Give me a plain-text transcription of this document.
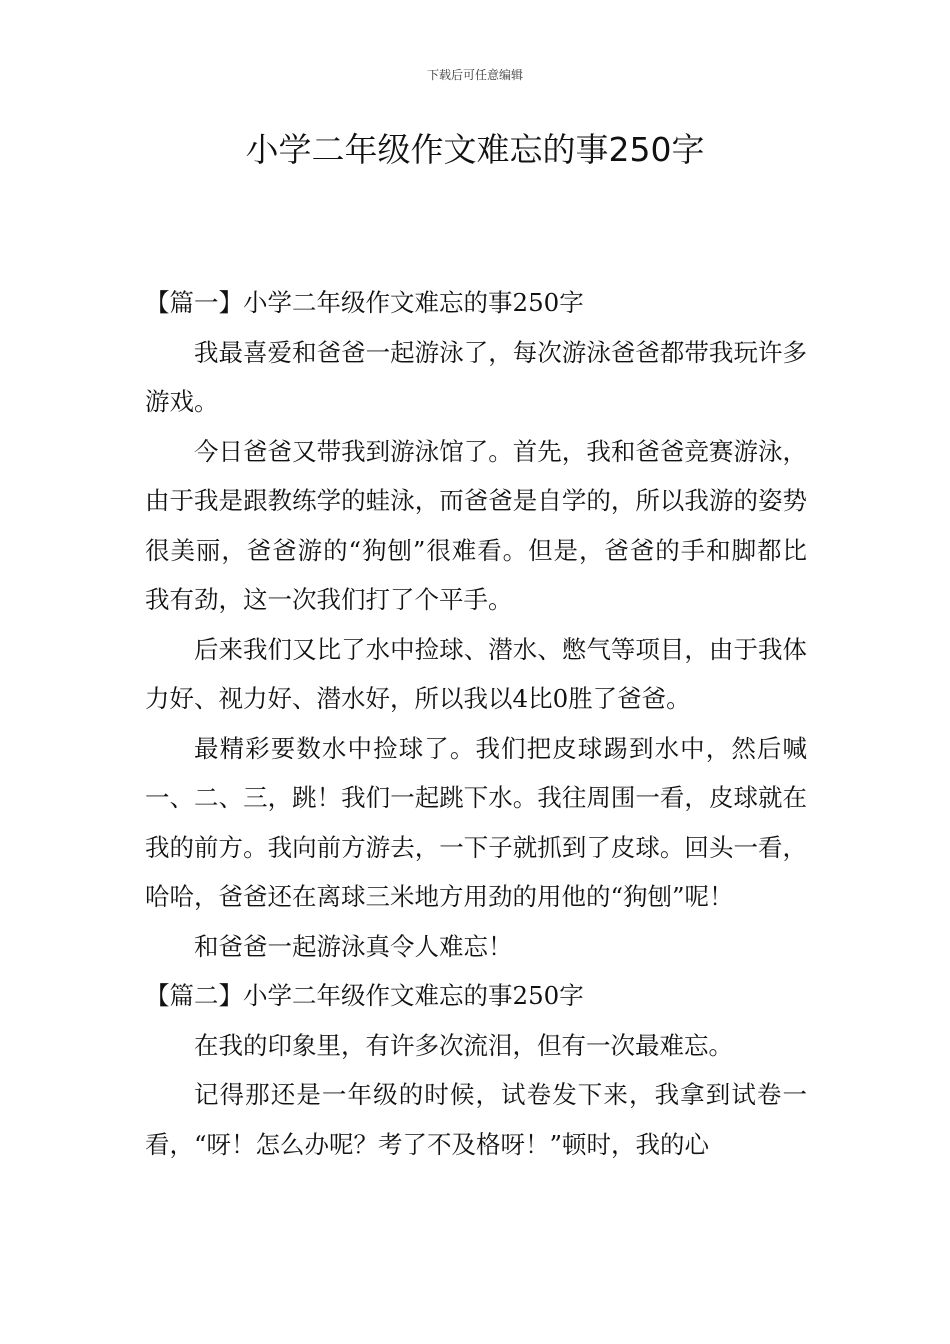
下载后可任意编辑
小学二年级作文难忘的事250字

【篇一】小学二年级作文难忘的事250字

我最喜爱和爸爸一起游泳了，每次游泳爸爸都带我玩许多游戏。

今日爸爸又带我到游泳馆了。首先，我和爸爸竞赛游泳，由于我是跟教练学的蛙泳，而爸爸是自学的，所以我游的姿势很美丽，爸爸游的“狗刨”很难看。但是，爸爸的手和脚都比我有劲，这一次我们打了个平手。

后来我们又比了水中捡球、潜水、憋气等项目，由于我体力好、视力好、潜水好，所以我以4比0胜了爸爸。

最精彩要数水中捡球了。我们把皮球踢到水中，然后喊一、二、三，跳！我们一起跳下水。我往周围一看，皮球就在我的前方。我向前方游去，一下子就抓到了皮球。回头一看，哈哈，爸爸还在离球三米地方用劲的用他的“狗刨”呢！

和爸爸一起游泳真令人难忘！

【篇二】小学二年级作文难忘的事250字

在我的印象里，有许多次流泪，但有一次最难忘。

记得那还是一年级的时候，试卷发下来，我拿到试卷一看，“呀！怎么办呢？考了不及格呀！”顿时，我的心
